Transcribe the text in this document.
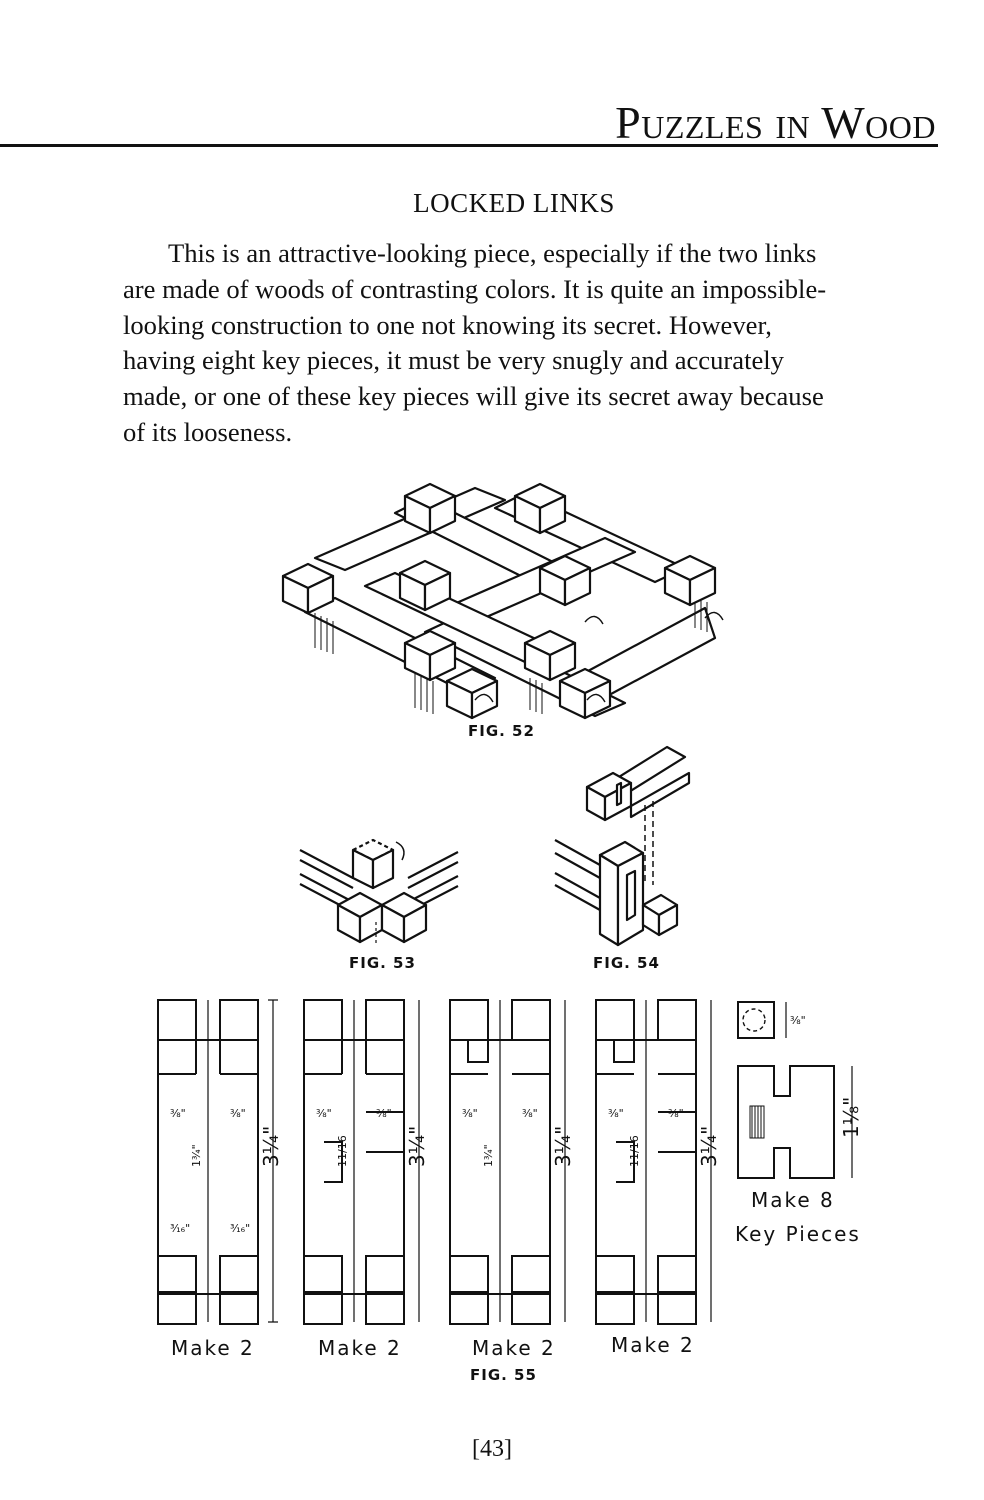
Puzzles in Wood
LOCKED LINKS

This is an attractive-looking piece, especially if the two links are made of woods of contrasting colors. It is quite an impossible-looking construction to one not knowing its secret. However, having eight key pieces, it must be very snugly and accurately made, or one of these key pieces will give its secret away because of its looseness.

FIG. 52
FIG. 53	FIG. 54
3¼"
⅜"	⅜"
³⁄₁₆"	³⁄₁₆"
1¾"	3¼"
⅜"	⅜"
11/16	3¼"
⅜"	⅜"
1¾"	3¼"
⅜"	⅜"
11/16
⅜"
1⅛"
Make 8
Key Pieces
Make 2	Make 2	Make 2	Make 2
FIG. 55
[43]
